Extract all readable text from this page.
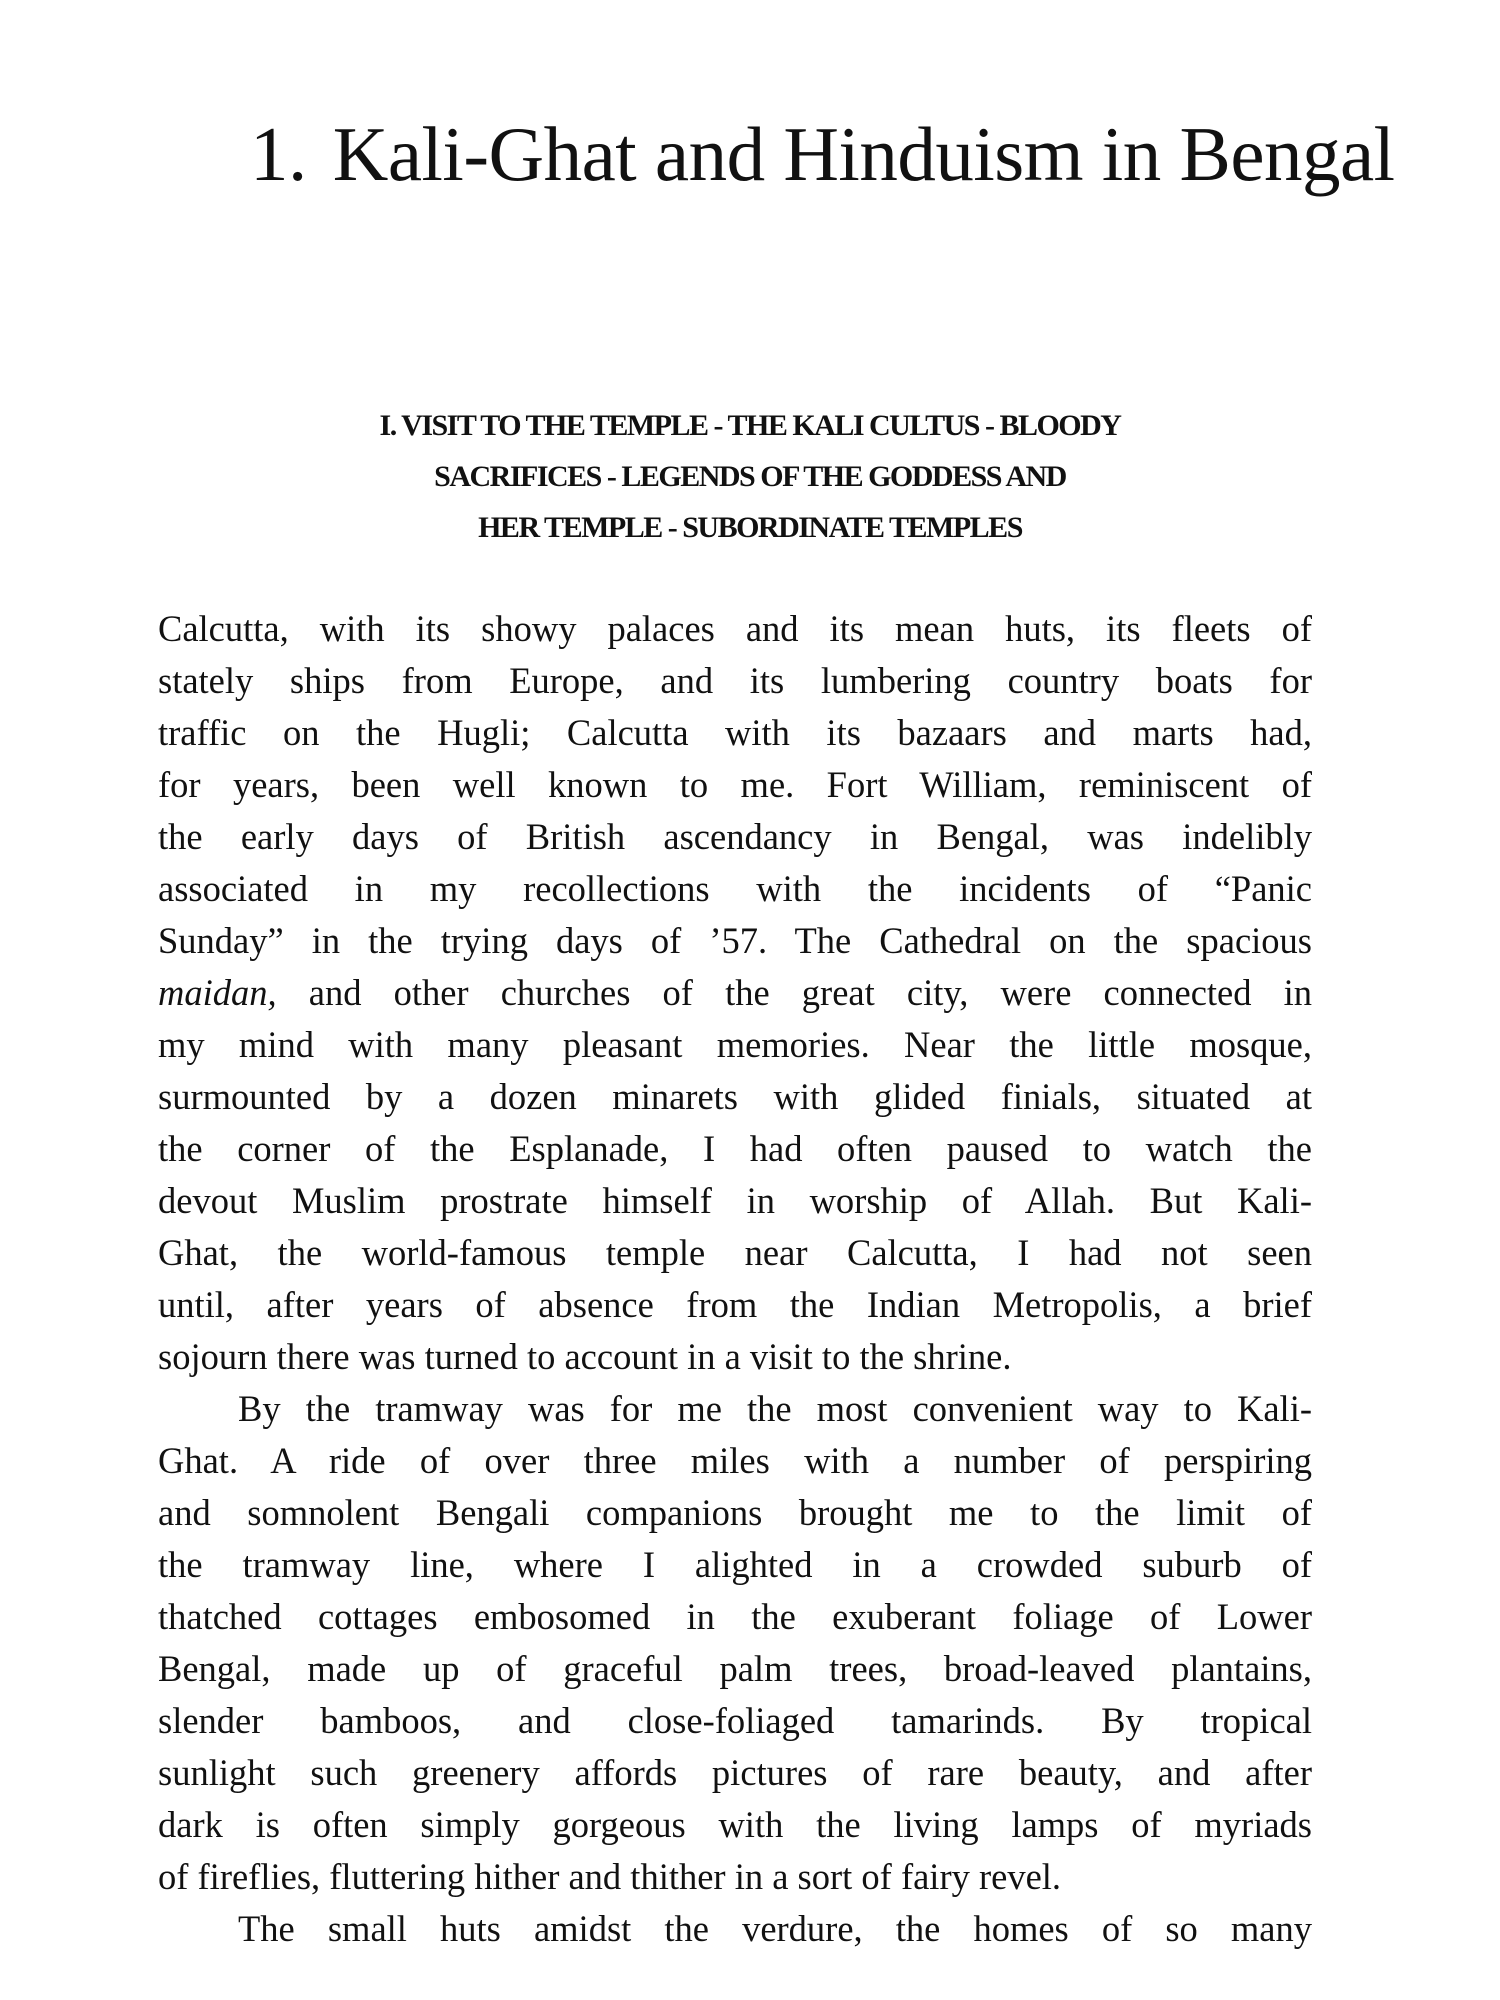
1. Kali-Ghat and Hinduism in Bengal
I. VISIT TO THE TEMPLE - THE KALI CULTUS - BLOODY
SACRIFICES - LEGENDS OF THE GODDESS AND
HER TEMPLE - SUBORDINATE TEMPLES
Calcutta, with its showy palaces and its mean huts, its fleets of
stately ships from Europe, and its lumbering country boats for
traffic on the Hugli; Calcutta with its bazaars and marts had,
for years, been well known to me. Fort William, reminiscent of
the early days of British ascendancy in Bengal, was indelibly
associated in my recollections with the incidents of “Panic
Sunday” in the trying days of ’57. The Cathedral on the spacious
maidan, and other churches of the great city, were connected in
my mind with many pleasant memories. Near the little mosque,
surmounted by a dozen minarets with glided finials, situated at
the corner of the Esplanade, I had often paused to watch the
devout Muslim prostrate himself in worship of Allah. But Kali-
Ghat, the world-famous temple near Calcutta, I had not seen
until, after years of absence from the Indian Metropolis, a brief
sojourn there was turned to account in a visit to the shrine.
By the tramway was for me the most convenient way to Kali-
Ghat. A ride of over three miles with a number of perspiring
and somnolent Bengali companions brought me to the limit of
the tramway line, where I alighted in a crowded suburb of
thatched cottages embosomed in the exuberant foliage of Lower
Bengal, made up of graceful palm trees, broad-leaved plantains,
slender bamboos, and close-foliaged tamarinds. By tropical
sunlight such greenery affords pictures of rare beauty, and after
dark is often simply gorgeous with the living lamps of myriads
of fireflies, fluttering hither and thither in a sort of fairy revel.
The small huts amidst the verdure, the homes of so many
